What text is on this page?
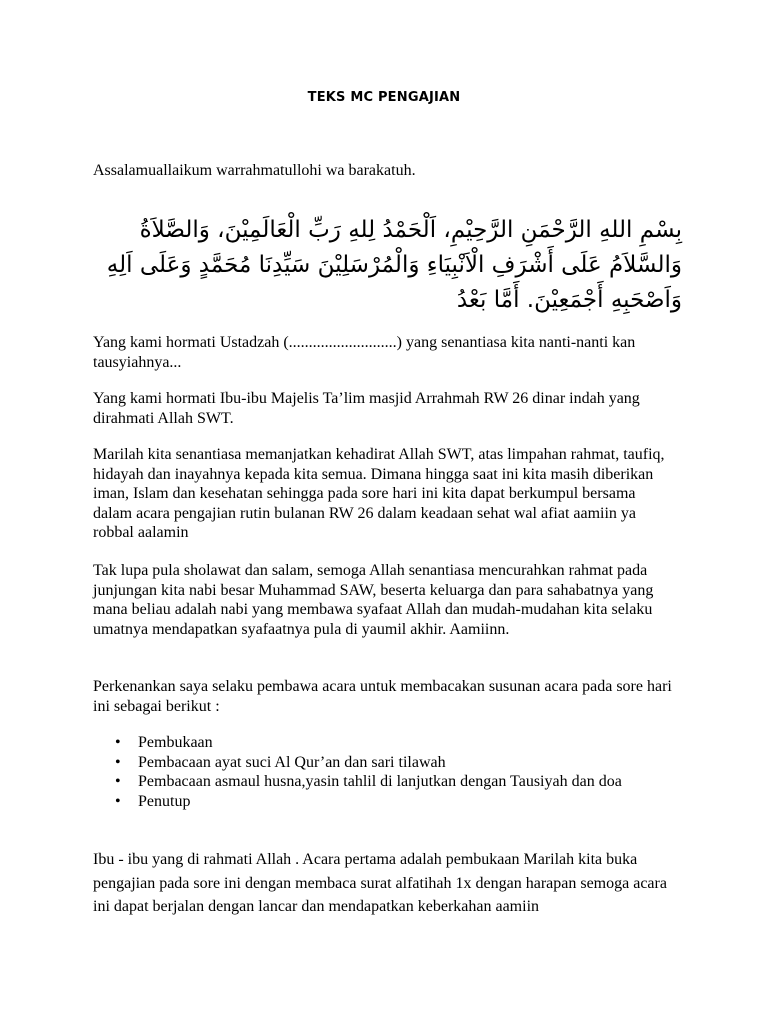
TEKS MC PENGAJIAN
Assalamuallaikum warrahmatullohi wa barakatuh.
بِسْمِ اللهِ الرَّحْمَنِ الرَّحِيْمِ، اَلْحَمْدُ لِلهِ رَبِّ الْعَالَمِيْنَ، وَالصَّلاَةُ وَالسَّلاَمُ عَلَى أَشْرَفِ الْاَنْبِيَاءِ وَالْمُرْسَلِيْنَ سَيِّدِنَا مُحَمَّدٍ وَعَلَى اَلِهِ وَاَصْحَبِهِ أَجْمَعِيْنَ. أَمَّا بَعْدُ
Yang kami hormati Ustadzah (...........................) yang senantiasa kita nanti-nanti kan tausyiahnya...
Yang kami hormati Ibu-ibu Majelis Ta’lim masjid Arrahmah RW 26 dinar indah yang dirahmati Allah SWT.
Marilah kita senantiasa memanjatkan kehadirat Allah SWT, atas limpahan rahmat, taufiq, hidayah dan inayahnya kepada kita semua. Dimana hingga saat ini kita masih diberikan iman, Islam dan kesehatan sehingga pada sore hari ini kita dapat berkumpul bersama dalam acara pengajian rutin bulanan RW 26 dalam keadaan sehat wal afiat aamiin ya robbal aalamin
Tak lupa pula sholawat dan salam, semoga Allah senantiasa mencurahkan rahmat pada junjungan kita nabi besar Muhammad SAW, beserta keluarga dan para sahabatnya yang mana beliau adalah nabi yang membawa syafaat Allah dan mudah-mudahan kita selaku umatnya mendapatkan syafaatnya pula di yaumil akhir. Aamiinn.
Perkenankan saya selaku pembawa acara untuk membacakan susunan acara pada sore hari ini sebagai berikut :
• Pembukaan
• Pembacaan ayat suci Al Qur’an dan sari tilawah
• Pembacaan asmaul husna,yasin tahlil di lanjutkan dengan Tausiyah dan doa
• Penutup
Ibu - ibu yang di rahmati Allah . Acara pertama adalah pembukaan Marilah kita buka pengajian pada sore ini dengan membaca surat alfatihah 1x dengan harapan semoga acara ini dapat berjalan dengan lancar dan mendapatkan keberkahan aamiin
